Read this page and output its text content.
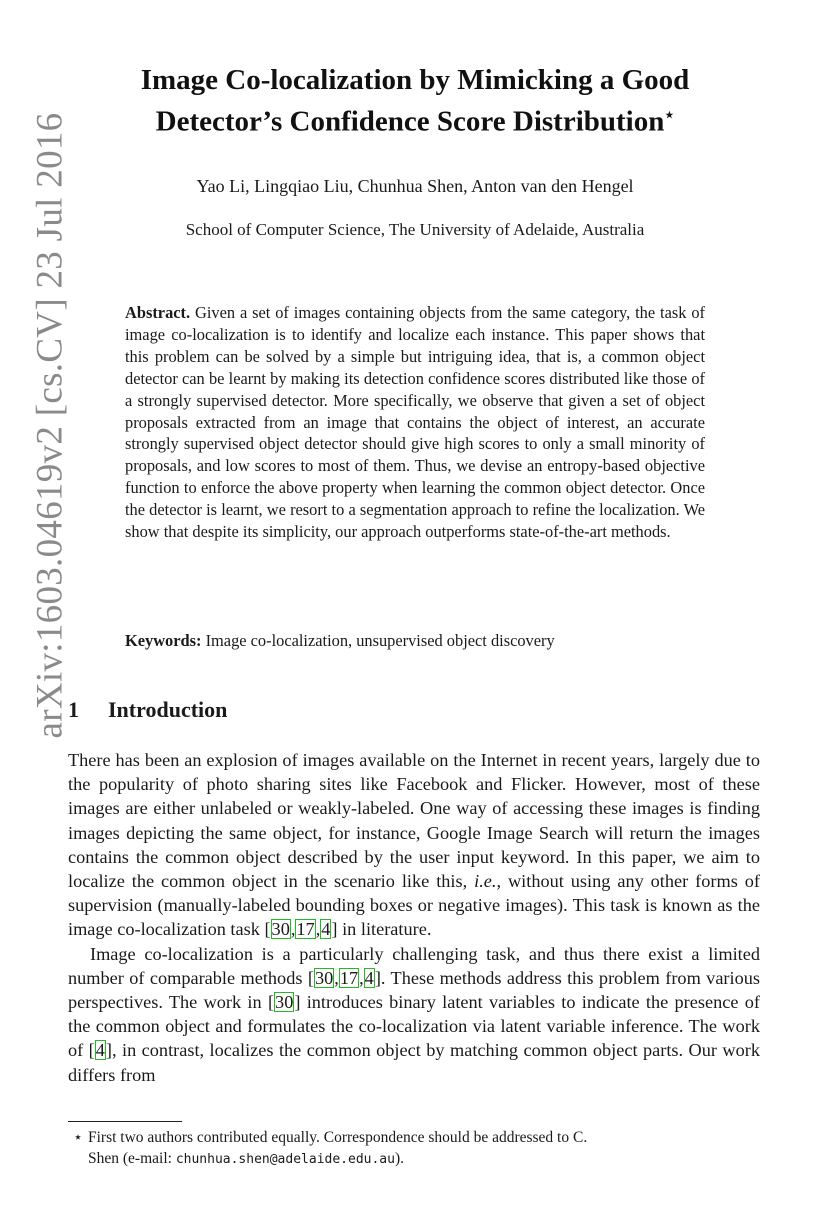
arXiv:1603.04619v2 [cs.CV] 23 Jul 2016
Image Co-localization by Mimicking a Good
Detector’s Confidence Score Distribution⋆
Yao Li, Lingqiao Liu, Chunhua Shen, Anton van den Hengel
School of Computer Science, The University of Adelaide, Australia
Abstract. Given a set of images containing objects from the same category, the task of image co-localization is to identify and localize each instance. This paper shows that this problem can be solved by a simple but intriguing idea, that is, a common object detector can be learnt by making its detection confidence scores distributed like those of a strongly supervised detector. More specifically, we observe that given a set of object proposals extracted from an image that contains the object of interest, an accurate strongly supervised object detector should give high scores to only a small minority of proposals, and low scores to most of them. Thus, we devise an entropy-based objective function to enforce the above property when learning the common object detector. Once the detector is learnt, we resort to a segmentation approach to refine the localization. We show that despite its simplicity, our approach outperforms state-of-the-art methods.
Keywords: Image co-localization, unsupervised object discovery
1 Introduction

There has been an explosion of images available on the Internet in recent years, largely due to the popularity of photo sharing sites like Facebook and Flicker. However, most of these images are either unlabeled or weakly-labeled. One way of accessing these images is finding images depicting the same object, for instance, Google Image Search will return the images contains the common object described by the user input keyword. In this paper, we aim to localize the common object in the scenario like this, i.e., without using any other forms of supervision (manually-labeled bounding boxes or negative images). This task is known as the image co-localization task [30,17,4] in literature.

Image co-localization is a particularly challenging task, and thus there exist a limited number of comparable methods [30,17,4]. These methods address this problem from various perspectives. The work in [30] introduces binary latent variables to indicate the presence of the common object and formulates the co-localization via latent variable inference. The work of [4], in contrast, localizes the common object by matching common object parts. Our work differs from

⋆ First two authors contributed equally. Correspondence should be addressed to C.
Shen (e-mail: chunhua.shen@adelaide.edu.au).
